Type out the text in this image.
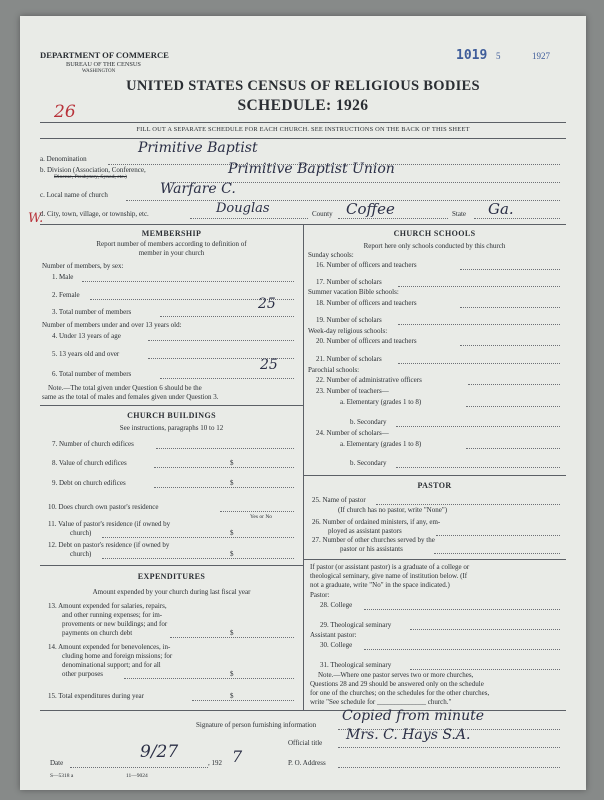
DEPARTMENT OF COMMERCE
BUREAU OF THE CENSUS
WASHINGTON
1019 5	1927
UNITED STATES CENSUS OF RELIGIOUS BODIES
SCHEDULE: 1926
26
FILL OUT A SEPARATE SCHEDULE FOR EACH CHURCH. SEE INSTRUCTIONS ON THE BACK OF THIS SHEET
a. Denomination
Primitive Baptist
b. Division (Association, Conference,
Diocese, Presbytery, Synod, etc.)	Primitive Baptist Union
c. Local name of church	Warfare C.
W.
d. City, town, village, or township, etc.	Douglas	County Coffee	State Ga.
MEMBERSHIP
Report number of members according to definition of
member in your church
Number of members, by sex:
1. Male
2. Female
3. Total number of members	25
Number of members under and over 13 years old:
4. Under 13 years of age
5. 13 years old and over
6. Total number of members
25
Note.—The total given under Question 6 should be the
same as the total of males and females given under Question 3.
CHURCH BUILDINGS
See instructions, paragraphs 10 to 12
7. Number of church edifices
8. Value of church edifices	$
9. Debt on church edifices	$
10. Does church own pastor's residence
Yes or No
11. Value of pastor's residence (if owned by
church)	$
12. Debt on pastor's residence (if owned by
church)	$
EXPENDITURES
Amount expended by your church during last fiscal year
13. Amount expended for salaries, repairs,
and other running expenses; for im-
provements or new buildings; and for
payments on church debt	$
14. Amount expended for benevolences, in-
cluding home and foreign missions; for
denominational support; and for all
other purposes	$
15. Total expenditures during year	$
CHURCH SCHOOLS
Report here only schools conducted by this church
Sunday schools:
16. Number of officers and teachers
17. Number of scholars
Summer vacation Bible schools:
18. Number of officers and teachers
19. Number of scholars
Week-day religious schools:
20. Number of officers and teachers
21. Number of scholars
Parochial schools:
22. Number of administrative officers
23. Number of teachers—
a. Elementary (grades 1 to 8)
b. Secondary
24. Number of scholars—
a. Elementary (grades 1 to 8)
b. Secondary
PASTOR
25. Name of pastor
(If church has no pastor, write "None")
26. Number of ordained ministers, if any, em-
ployed as assistant pastors
27. Number of other churches served by the
pastor or his assistants
If pastor (or assistant pastor) is a graduate of a college or
theological seminary, give name of institution below. (If
not a graduate, write "No" in the space indicated.)
Pastor:
28. College
29. Theological seminary
Assistant pastor:
30. College
31. Theological seminary
Note.—Where one pastor serves two or more churches,
Questions 28 and 29 should be answered only on the schedule
for one of the churches; on the schedules for the other churches,
write "See schedule for ______________ church."
Signature of person furnishing information
Copied from minute
Official title Mrs. C. Hays S.A.
Date
9/27
, 192 7	P. O. Address
S—5318 a	11—9024
